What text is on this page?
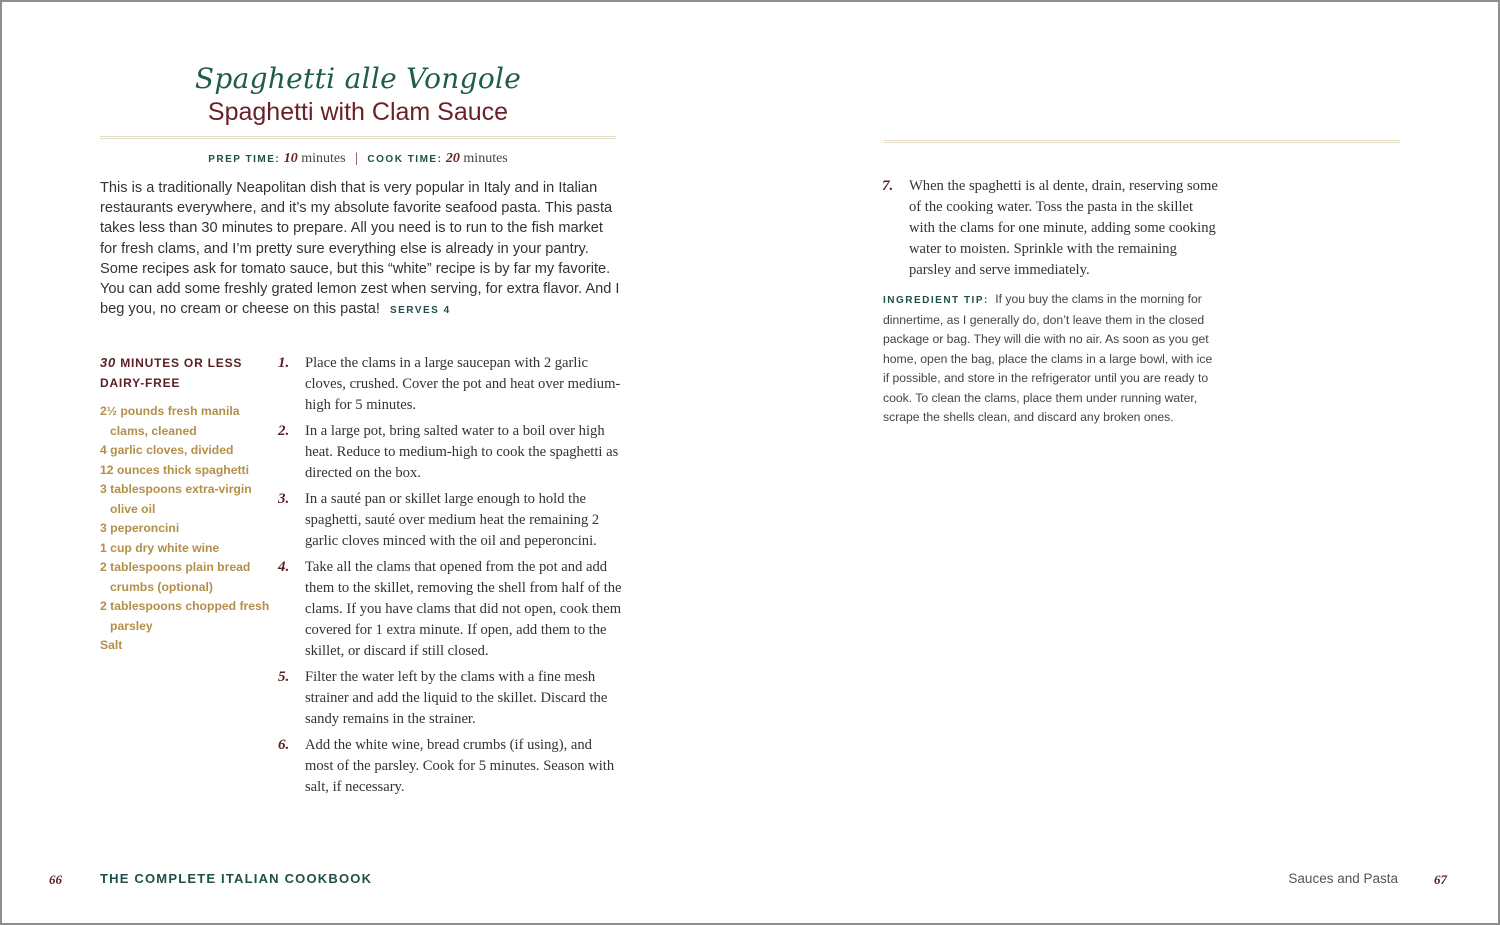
Spaghetti alle Vongole
Spaghetti with Clam Sauce
PREP TIME: 10 minutes | COOK TIME: 20 minutes
This is a traditionally Neapolitan dish that is very popular in Italy and in Italian restaurants everywhere, and it’s my absolute favorite seafood pasta. This pasta takes less than 30 minutes to prepare. All you need is to run to the fish market for fresh clams, and I’m pretty sure everything else is already in your pantry. Some recipes ask for tomato sauce, but this “white” recipe is by far my favorite. You can add some freshly grated lemon zest when serving, for extra flavor. And I beg you, no cream or cheese on this pasta! SERVES 4
30 MINUTES OR LESS
DAIRY-FREE
2½ pounds fresh manila clams, cleaned
4 garlic cloves, divided
12 ounces thick spaghetti
3 tablespoons extra-virgin olive oil
3 peperoncini
1 cup dry white wine
2 tablespoons plain bread crumbs (optional)
2 tablespoons chopped fresh parsley
Salt
1. Place the clams in a large saucepan with 2 garlic cloves, crushed. Cover the pot and heat over medium-high for 5 minutes.
2. In a large pot, bring salted water to a boil over high heat. Reduce to medium-high to cook the spaghetti as directed on the box.
3. In a sauté pan or skillet large enough to hold the spaghetti, sauté over medium heat the remaining 2 garlic cloves minced with the oil and peperoncini.
4. Take all the clams that opened from the pot and add them to the skillet, removing the shell from half of the clams. If you have clams that did not open, cook them covered for 1 extra minute. If open, add them to the skillet, or discard if still closed.
5. Filter the water left by the clams with a fine mesh strainer and add the liquid to the skillet. Discard the sandy remains in the strainer.
6. Add the white wine, bread crumbs (if using), and most of the parsley. Cook for 5 minutes. Season with salt, if necessary.
7. When the spaghetti is al dente, drain, reserving some of the cooking water. Toss the pasta in the skillet with the clams for one minute, adding some cooking water to moisten. Sprinkle with the remaining parsley and serve immediately.
INGREDIENT TIP: If you buy the clams in the morning for dinnertime, as I generally do, don’t leave them in the closed package or bag. They will die with no air. As soon as you get home, open the bag, place the clams in a large bowl, with ice if possible, and store in the refrigerator until you are ready to cook. To clean the clams, place them under running water, scrape the shells clean, and discard any broken ones.
66	THE COMPLETE ITALIAN COOKBOOK	Sauces and Pasta	67
